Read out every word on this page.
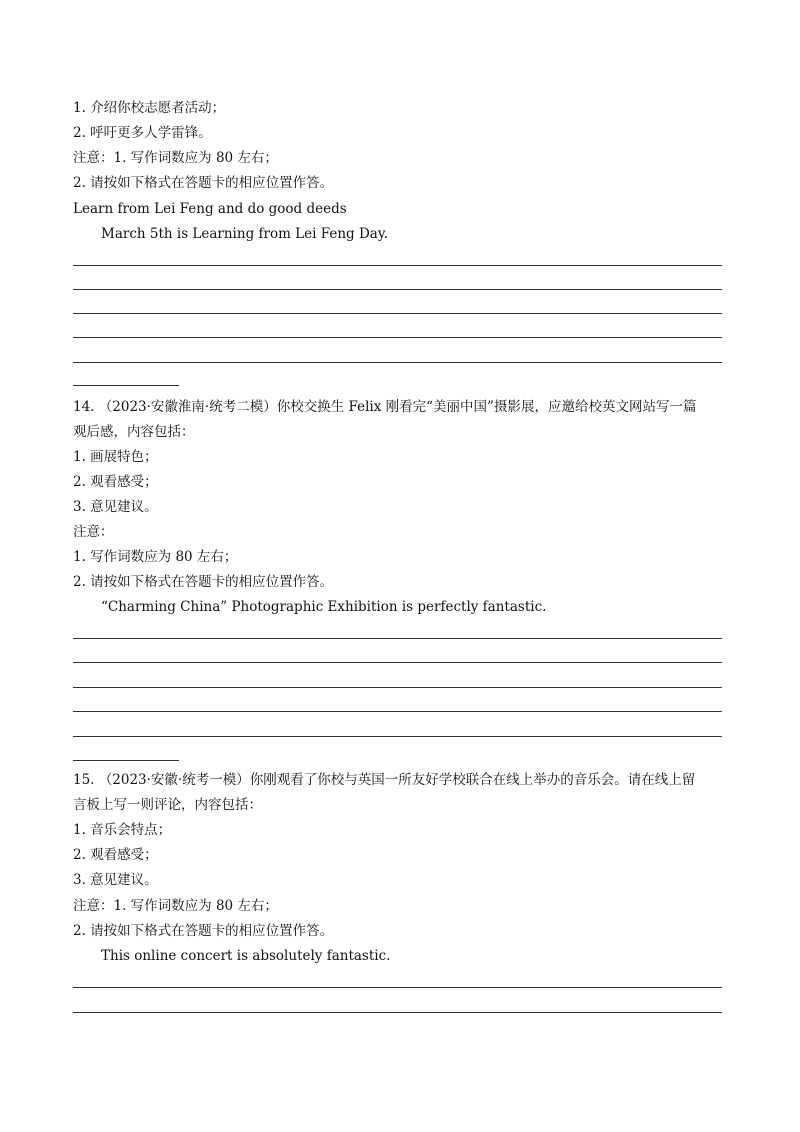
1. 介绍你校志愿者活动；
2. 呼吁更多人学雷锋。
注意：1. 写作词数应为 80 左右；
2. 请按如下格式在答题卡的相应位置作答。
Learn from Lei Feng and do good deeds
March 5th is Learning from Lei Feng Day.
14. （2023·安徽淮南·统考二模）你校交换生 Felix 刚看完“美丽中国”摄影展，应邀给校英文网站写一篇
观后感，内容包括：
1. 画展特色；
2. 观看感受；
3. 意见建议。
注意：
1. 写作词数应为 80 左右；
2. 请按如下格式在答题卡的相应位置作答。
“Charming China” Photographic Exhibition is perfectly fantastic.
15. （2023·安徽·统考一模）你刚观看了你校与英国一所友好学校联合在线上举办的音乐会。请在线上留
言板上写一则评论，内容包括：
1. 音乐会特点；
2. 观看感受；
3. 意见建议。
注意：1. 写作词数应为 80 左右；
2. 请按如下格式在答题卡的相应位置作答。
This online concert is absolutely fantastic.
